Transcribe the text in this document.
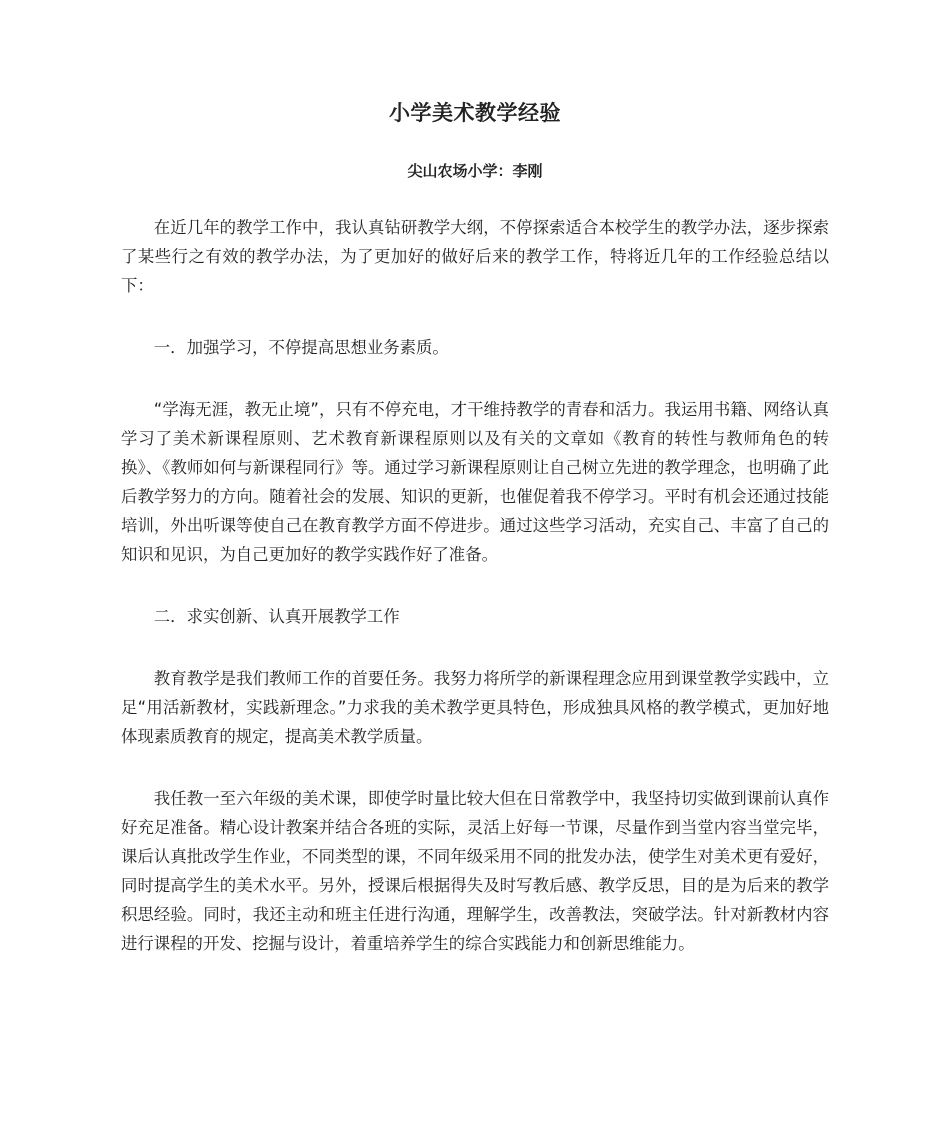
小学美术教学经验

尖山农场小学：李刚

在近几年的教学工作中，我认真钻研教学大纲，不停探索适合本校学生的教学办法，逐步探索了某些行之有效的教学办法，为了更加好的做好后来的教学工作，特将近几年的工作经验总结以下：

一．加强学习，不停提高思想业务素质。

“学海无涯，教无止境”，只有不停充电，才干维持教学的青春和活力。我运用书籍、网络认真学习了美术新课程原则、艺术教育新课程原则以及有关的文章如《教育的转性与教师角色的转换》、《教师如何与新课程同行》等。通过学习新课程原则让自己树立先进的教学理念，也明确了此后教学努力的方向。随着社会的发展、知识的更新，也催促着我不停学习。平时有机会还通过技能培训，外出听课等使自己在教育教学方面不停进步。通过这些学习活动，充实自己、丰富了自己的知识和见识，为自己更加好的教学实践作好了准备。

二．求实创新、认真开展教学工作

教育教学是我们教师工作的首要任务。我努力将所学的新课程理念应用到课堂教学实践中，立足“用活新教材，实践新理念。”力求我的美术教学更具特色，形成独具风格的教学模式，更加好地体现素质教育的规定，提高美术教学质量。

我任教一至六年级的美术课，即使学时量比较大但在日常教学中，我坚持切实做到课前认真作好充足准备。精心设计教案并结合各班的实际，灵活上好每一节课，尽量作到当堂内容当堂完毕，课后认真批改学生作业，不同类型的课，不同年级采用不同的批发办法，使学生对美术更有爱好，同时提高学生的美术水平。另外，授课后根据得失及时写教后感、教学反思，目的是为后来的教学积思经验。同时，我还主动和班主任进行沟通，理解学生，改善教法，突破学法。针对新教材内容进行课程的开发、挖掘与设计，着重培养学生的综合实践能力和创新思维能力。
